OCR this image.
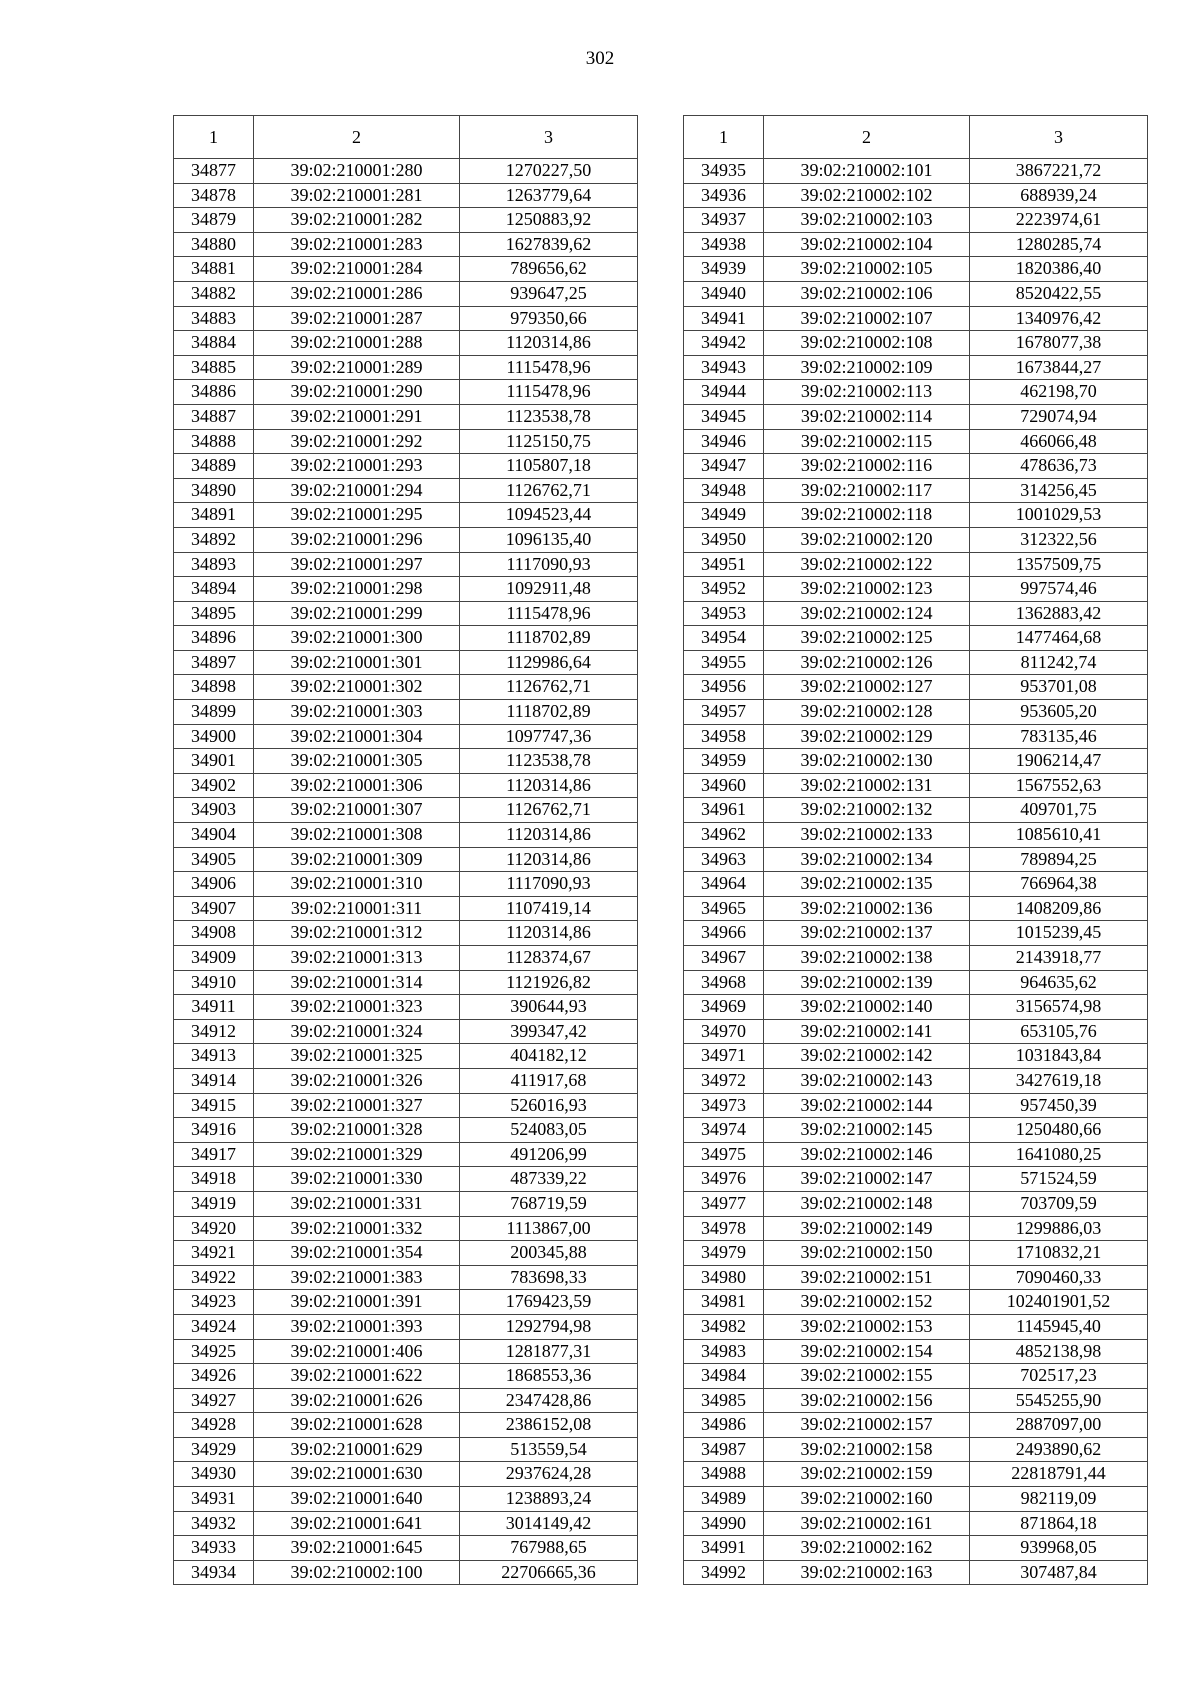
302
1	2	3
34877	39:02:210001:280	1270227,50
34878	39:02:210001:281	1263779,64
34879	39:02:210001:282	1250883,92
34880	39:02:210001:283	1627839,62
34881	39:02:210001:284	789656,62
34882	39:02:210001:286	939647,25
34883	39:02:210001:287	979350,66
34884	39:02:210001:288	1120314,86
34885	39:02:210001:289	1115478,96
34886	39:02:210001:290	1115478,96
34887	39:02:210001:291	1123538,78
34888	39:02:210001:292	1125150,75
34889	39:02:210001:293	1105807,18
34890	39:02:210001:294	1126762,71
34891	39:02:210001:295	1094523,44
34892	39:02:210001:296	1096135,40
34893	39:02:210001:297	1117090,93
34894	39:02:210001:298	1092911,48
34895	39:02:210001:299	1115478,96
34896	39:02:210001:300	1118702,89
34897	39:02:210001:301	1129986,64
34898	39:02:210001:302	1126762,71
34899	39:02:210001:303	1118702,89
34900	39:02:210001:304	1097747,36
34901	39:02:210001:305	1123538,78
34902	39:02:210001:306	1120314,86
34903	39:02:210001:307	1126762,71
34904	39:02:210001:308	1120314,86
34905	39:02:210001:309	1120314,86
34906	39:02:210001:310	1117090,93
34907	39:02:210001:311	1107419,14
34908	39:02:210001:312	1120314,86
34909	39:02:210001:313	1128374,67
34910	39:02:210001:314	1121926,82
34911	39:02:210001:323	390644,93
34912	39:02:210001:324	399347,42
34913	39:02:210001:325	404182,12
34914	39:02:210001:326	411917,68
34915	39:02:210001:327	526016,93
34916	39:02:210001:328	524083,05
34917	39:02:210001:329	491206,99
34918	39:02:210001:330	487339,22
34919	39:02:210001:331	768719,59
34920	39:02:210001:332	1113867,00
34921	39:02:210001:354	200345,88
34922	39:02:210001:383	783698,33
34923	39:02:210001:391	1769423,59
34924	39:02:210001:393	1292794,98
34925	39:02:210001:406	1281877,31
34926	39:02:210001:622	1868553,36
34927	39:02:210001:626	2347428,86
34928	39:02:210001:628	2386152,08
34929	39:02:210001:629	513559,54
34930	39:02:210001:630	2937624,28
34931	39:02:210001:640	1238893,24
34932	39:02:210001:641	3014149,42
34933	39:02:210001:645	767988,65
34934	39:02:210002:100	22706665,36
1	2	3
34935	39:02:210002:101	3867221,72
34936	39:02:210002:102	688939,24
34937	39:02:210002:103	2223974,61
34938	39:02:210002:104	1280285,74
34939	39:02:210002:105	1820386,40
34940	39:02:210002:106	8520422,55
34941	39:02:210002:107	1340976,42
34942	39:02:210002:108	1678077,38
34943	39:02:210002:109	1673844,27
34944	39:02:210002:113	462198,70
34945	39:02:210002:114	729074,94
34946	39:02:210002:115	466066,48
34947	39:02:210002:116	478636,73
34948	39:02:210002:117	314256,45
34949	39:02:210002:118	1001029,53
34950	39:02:210002:120	312322,56
34951	39:02:210002:122	1357509,75
34952	39:02:210002:123	997574,46
34953	39:02:210002:124	1362883,42
34954	39:02:210002:125	1477464,68
34955	39:02:210002:126	811242,74
34956	39:02:210002:127	953701,08
34957	39:02:210002:128	953605,20
34958	39:02:210002:129	783135,46
34959	39:02:210002:130	1906214,47
34960	39:02:210002:131	1567552,63
34961	39:02:210002:132	409701,75
34962	39:02:210002:133	1085610,41
34963	39:02:210002:134	789894,25
34964	39:02:210002:135	766964,38
34965	39:02:210002:136	1408209,86
34966	39:02:210002:137	1015239,45
34967	39:02:210002:138	2143918,77
34968	39:02:210002:139	964635,62
34969	39:02:210002:140	3156574,98
34970	39:02:210002:141	653105,76
34971	39:02:210002:142	1031843,84
34972	39:02:210002:143	3427619,18
34973	39:02:210002:144	957450,39
34974	39:02:210002:145	1250480,66
34975	39:02:210002:146	1641080,25
34976	39:02:210002:147	571524,59
34977	39:02:210002:148	703709,59
34978	39:02:210002:149	1299886,03
34979	39:02:210002:150	1710832,21
34980	39:02:210002:151	7090460,33
34981	39:02:210002:152	102401901,52
34982	39:02:210002:153	1145945,40
34983	39:02:210002:154	4852138,98
34984	39:02:210002:155	702517,23
34985	39:02:210002:156	5545255,90
34986	39:02:210002:157	2887097,00
34987	39:02:210002:158	2493890,62
34988	39:02:210002:159	22818791,44
34989	39:02:210002:160	982119,09
34990	39:02:210002:161	871864,18
34991	39:02:210002:162	939968,05
34992	39:02:210002:163	307487,84
